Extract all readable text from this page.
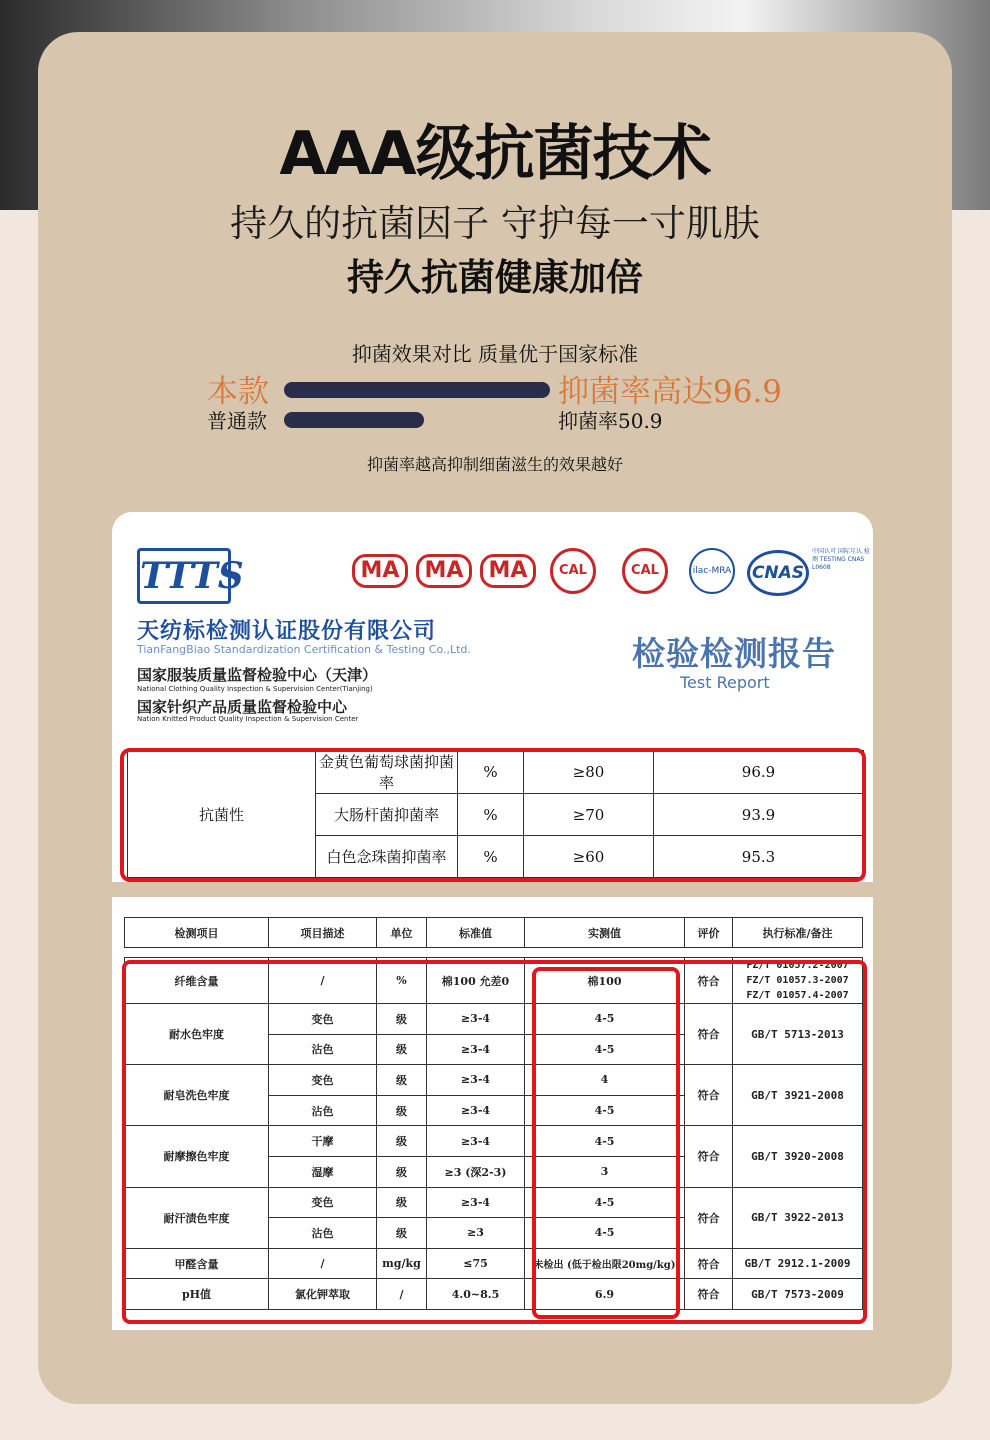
AAA级抗菌技术
持久的抗菌因子 守护每一寸肌肤
持久抗菌健康加倍
抑菌效果对比 质量优于国家标准
本款
普通款
抑菌率高达96.9
抑菌率50.9
抑菌率越高抑制细菌滋生的效果越好
TTTS	MA	MA	MA	CAL	CAL	ilac-MRA CNAS
中国认可 国际互认 检测 TESTING CNAS L0608
天纺标检测认证股份有限公司
TianFangBiao Standardization Certification & Testing Co.,Ltd.
国家服装质量监督检验中心（天津）
National Clothing Quality Inspection & Supervision Center(Tianjing)
国家针织产品质量监督检验中心
Nation Knitted Product Quality Inspection & Supervision Center
检验检测报告
Test Report
抗菌性	金黄色葡萄球菌抑菌率	%	≥80	96.9
	大肠杆菌抑菌率	%	≥70	93.9
	白色念珠菌抑菌率	%	≥60	95.3
检测项目	项目描述	单位	标准值	实测值	评价	执行标准/备注

纤维含量	/	%	棉100 允差0	棉100	符合	FZ/T 01057.2-2007 FZ/T 01057.3-2007 FZ/T 01057.4-2007
耐水色牢度	变色	级	≥3-4	4-5	符合	GB/T 5713-2013
	沾色	级	≥3-4	4-5		
耐皂洗色牢度	变色	级	≥3-4	4	符合	GB/T 3921-2008
	沾色	级	≥3-4	4-5		
耐摩擦色牢度	干摩	级	≥3-4	4-5	符合	GB/T 3920-2008
	湿摩	级	≥3 (深2-3)	3		
耐汗渍色牢度	变色	级	≥3-4	4-5	符合	GB/T 3922-2013
	沾色	级	≥3	4-5		
甲醛含量	/	mg/kg	≤75	未检出 (低于检出限20mg/kg)	符合	GB/T 2912.1-2009
pH值	氯化钾萃取	/	4.0~8.5	6.9	符合	GB/T 7573-2009
